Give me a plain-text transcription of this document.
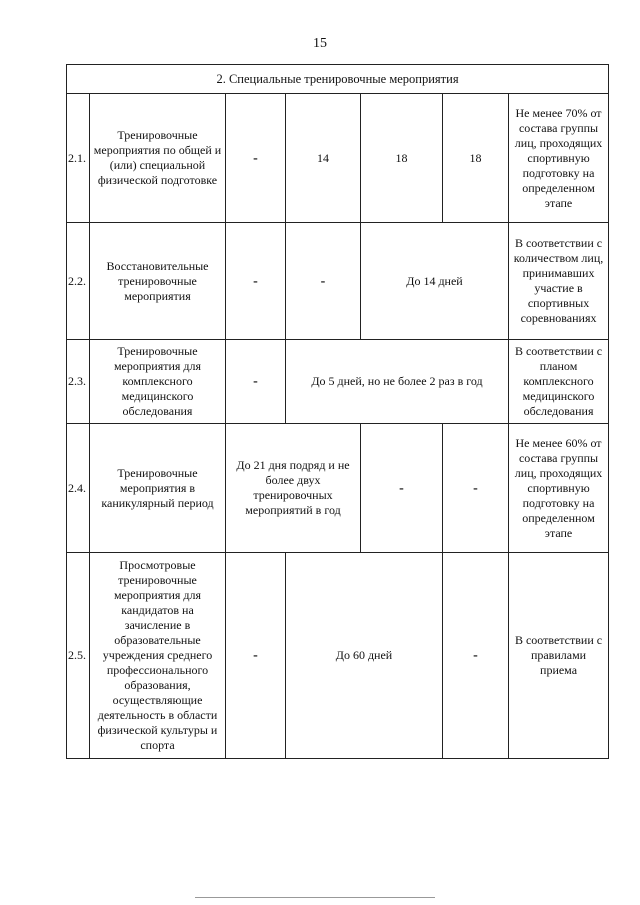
15
2. Специальные тренировочные мероприятия						
2.1.	Тренировочные мероприятия по общей и (или) специальной физической подготовке	-	14	18	18	Не менее 70% от состава группы лиц, проходящих спортивную подготовку на определенном этапе
2.2.	Восстановительные тренировочные мероприятия	-	-	До 14 дней		В соответствии с количеством лиц, принимавших участие в спортивных соревнованиях
2.3.	Тренировочные мероприятия для комплексного медицинского обследования	-	До 5 дней, но не более 2 раз в год			В соответствии с планом комплексного медицинского обследования
2.4.	Тренировочные мероприятия в каникулярный период	До 21 дня подряд и не более двух тренировочных мероприятий в год		-	-	Не менее 60% от состава группы лиц, проходящих спортивную подготовку на определенном этапе
2.5.	Просмотровые тренировочные мероприятия для кандидатов на зачисление в образовательные учреждения среднего профессионального образования, осуществляющие деятельность в области физической культуры и спорта	-	До 60 дней		-	В соответствии с правилами приема
